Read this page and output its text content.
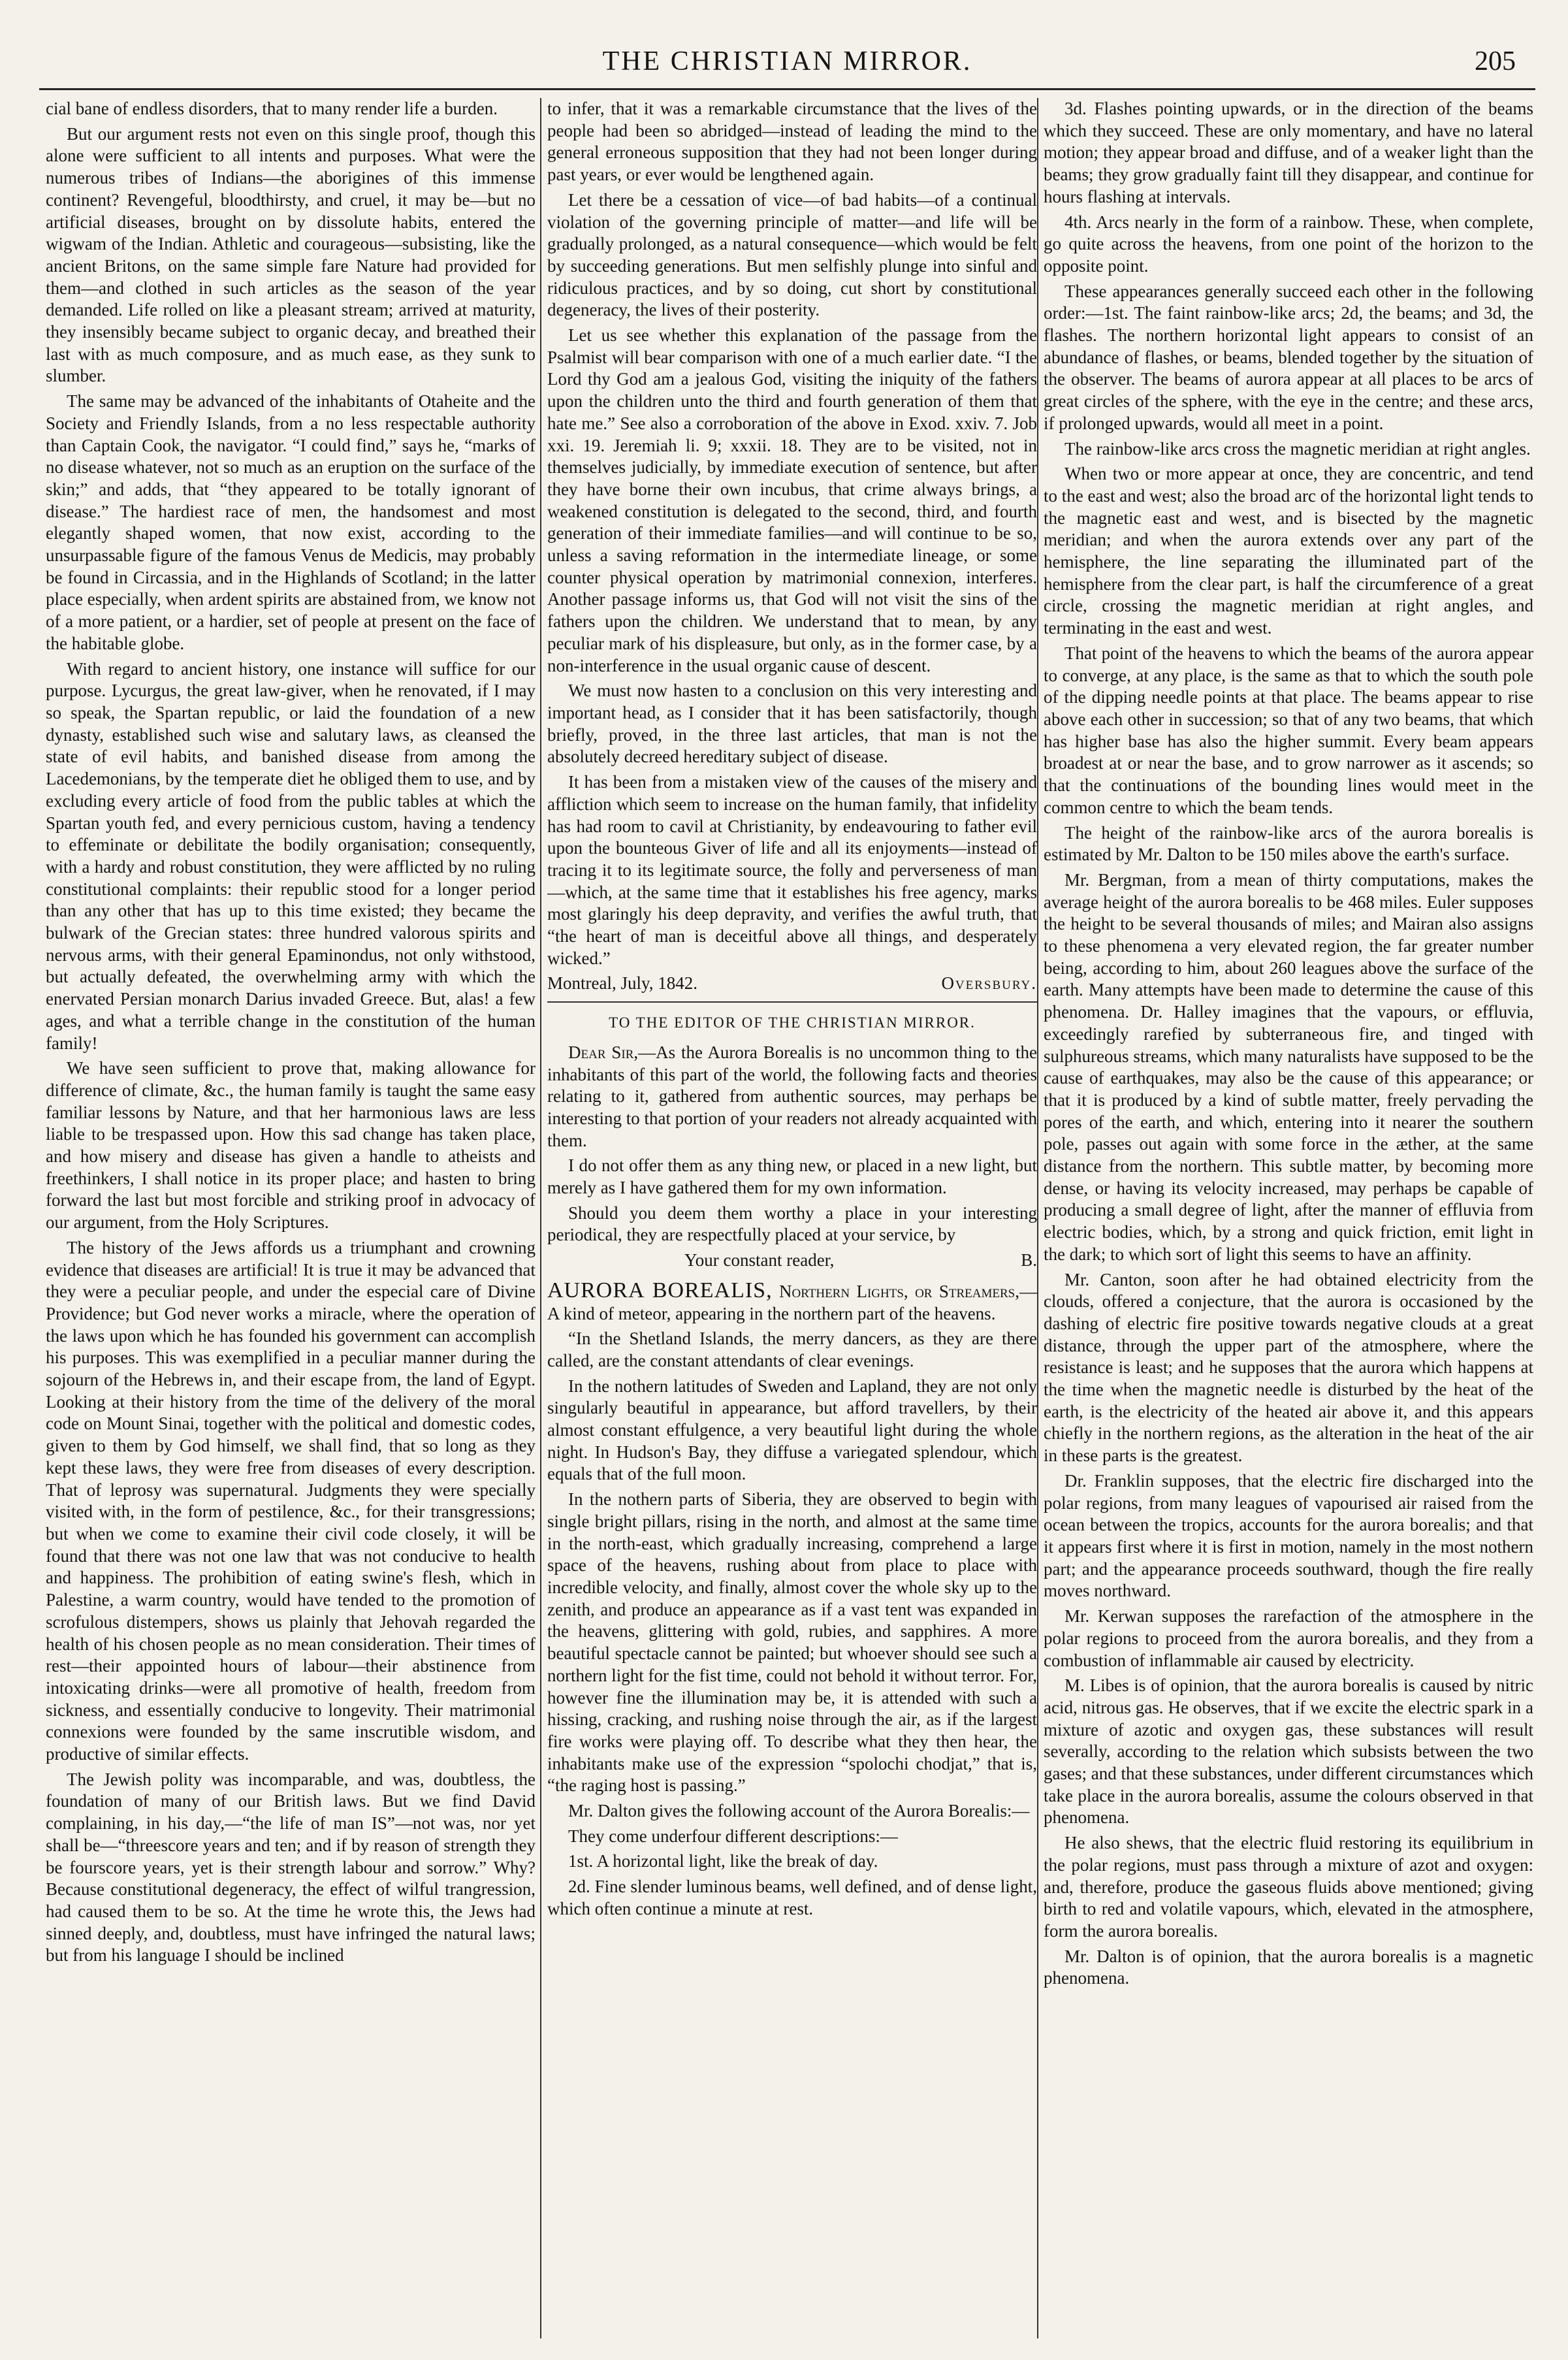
THE CHRISTIAN MIRROR.	205

cial bane of endless disorders, that to many render life a burden.

But our argument rests not even on this single proof, though this alone were sufficient to all intents and purposes. What were the numerous tribes of Indians—the aborigines of this immense continent? Revengeful, bloodthirsty, and cruel, it may be—but no artificial diseases, brought on by dissolute habits, entered the wigwam of the Indian. Athletic and courageous—subsisting, like the ancient Britons, on the same simple fare Nature had provided for them—and clothed in such articles as the season of the year demanded. Life rolled on like a pleasant stream; arrived at maturity, they insensibly became subject to organic decay, and breathed their last with as much composure, and as much ease, as they sunk to slumber.

The same may be advanced of the inhabitants of Otaheite and the Society and Friendly Islands, from a no less respectable authority than Captain Cook, the navigator. “I could find,” says he, “marks of no disease whatever, not so much as an eruption on the surface of the skin;” and adds, that “they appeared to be totally ignorant of disease.” The hardiest race of men, the handsomest and most elegantly shaped women, that now exist, according to the unsurpassable figure of the famous Venus de Medicis, may probably be found in Circassia, and in the Highlands of Scotland; in the latter place especially, when ardent spirits are abstained from, we know not of a more patient, or a hardier, set of people at present on the face of the habitable globe.

With regard to ancient history, one instance will suffice for our purpose. Lycurgus, the great law-giver, when he renovated, if I may so speak, the Spartan republic, or laid the foundation of a new dynasty, established such wise and salutary laws, as cleansed the state of evil habits, and banished disease from among the Lacedemonians, by the temperate diet he obliged them to use, and by excluding every article of food from the public tables at which the Spartan youth fed, and every pernicious custom, having a tendency to effeminate or debilitate the bodily organisation; consequently, with a hardy and robust constitution, they were afflicted by no ruling constitutional complaints: their republic stood for a longer period than any other that has up to this time existed; they became the bulwark of the Grecian states: three hundred valorous spirits and nervous arms, with their general Epaminondus, not only withstood, but actually defeated, the overwhelming army with which the enervated Persian monarch Darius invaded Greece. But, alas! a few ages, and what a terrible change in the constitution of the human family!

We have seen sufficient to prove that, making allowance for difference of climate, &c., the human family is taught the same easy familiar lessons by Nature, and that her harmonious laws are less liable to be trespassed upon. How this sad change has taken place, and how misery and disease has given a handle to atheists and freethinkers, I shall notice in its proper place; and hasten to bring forward the last but most forcible and striking proof in advocacy of our argument, from the Holy Scriptures.

The history of the Jews affords us a triumphant and crowning evidence that diseases are artificial! It is true it may be advanced that they were a peculiar people, and under the especial care of Divine Providence; but God never works a miracle, where the operation of the laws upon which he has founded his government can accomplish his purposes. This was exemplified in a peculiar manner during the sojourn of the Hebrews in, and their escape from, the land of Egypt. Looking at their history from the time of the delivery of the moral code on Mount Sinai, together with the political and domestic codes, given to them by God himself, we shall find, that so long as they kept these laws, they were free from diseases of every description. That of leprosy was supernatural. Judgments they were specially visited with, in the form of pestilence, &c., for their transgressions; but when we come to examine their civil code closely, it will be found that there was not one law that was not conducive to health and happiness. The prohibition of eating swine's flesh, which in Palestine, a warm country, would have tended to the promotion of scrofulous distempers, shows us plainly that Jehovah regarded the health of his chosen people as no mean consideration. Their times of rest—their appointed hours of labour—their abstinence from intoxicating drinks—were all promotive of health, freedom from sickness, and essentially conducive to longevity. Their matrimonial connexions were founded by the same inscrutible wisdom, and productive of similar effects.

The Jewish polity was incomparable, and was, doubtless, the foundation of many of our British laws. But we find David complaining, in his day,—“the life of man IS”—not was, nor yet shall be—“threescore years and ten; and if by reason of strength they be fourscore years, yet is their strength labour and sorrow.” Why? Because constitutional degeneracy, the effect of wilful trangression, had caused them to be so. At the time he wrote this, the Jews had sinned deeply, and, doubtless, must have infringed the natural laws; but from his language I should be inclined

to infer, that it was a remarkable circumstance that the lives of the people had been so abridged—instead of leading the mind to the general erroneous supposition that they had not been longer during past years, or ever would be lengthened again.

Let there be a cessation of vice—of bad habits—of a continual violation of the governing principle of matter—and life will be gradually prolonged, as a natural consequence—which would be felt by succeeding generations. But men selfishly plunge into sinful and ridiculous practices, and by so doing, cut short by constitutional degeneracy, the lives of their posterity.

Let us see whether this explanation of the passage from the Psalmist will bear comparison with one of a much earlier date. “I the Lord thy God am a jealous God, visiting the iniquity of the fathers upon the children unto the third and fourth generation of them that hate me.” See also a corroboration of the above in Exod. xxiv. 7. Job xxi. 19. Jeremiah li. 9; xxxii. 18. They are to be visited, not in themselves judicially, by immediate execution of sentence, but after they have borne their own incubus, that crime always brings, a weakened constitution is delegated to the second, third, and fourth generation of their immediate families—and will continue to be so, unless a saving reformation in the intermediate lineage, or some counter physical operation by matrimonial connexion, interferes. Another passage informs us, that God will not visit the sins of the fathers upon the children. We understand that to mean, by any peculiar mark of his displeasure, but only, as in the former case, by a non-interference in the usual organic cause of descent.

We must now hasten to a conclusion on this very interesting and important head, as I consider that it has been satisfactorily, though briefly, proved, in the three last articles, that man is not the absolutely decreed hereditary subject of disease.

It has been from a mistaken view of the causes of the misery and affliction which seem to increase on the human family, that infidelity has had room to cavil at Christianity, by endeavouring to father evil upon the bounteous Giver of life and all its enjoyments—instead of tracing it to its legitimate source, the folly and perverseness of man—which, at the same time that it establishes his free agency, marks most glaringly his deep depravity, and verifies the awful truth, that “the heart of man is deceitful above all things, and desperately wicked.”

Montreal, July, 1842.	Oversbury.
TO THE EDITOR OF THE CHRISTIAN MIRROR.

Dear Sir,—As the Aurora Borealis is no uncommon thing to the inhabitants of this part of the world, the following facts and theories relating to it, gathered from authentic sources, may perhaps be interesting to that portion of your readers not already acquainted with them.

I do not offer them as any thing new, or placed in a new light, but merely as I have gathered them for my own information.

Should you deem them worthy a place in your interesting periodical, they are respectfully placed at your service, by

Your constant reader,	B.

AURORA BOREALIS, Northern Lights, or Streamers,—A kind of meteor, appearing in the northern part of the heavens.

“In the Shetland Islands, the merry dancers, as they are there called, are the constant attendants of clear evenings.

In the nothern latitudes of Sweden and Lapland, they are not only singularly beautiful in appearance, but afford travellers, by their almost constant effulgence, a very beautiful light during the whole night. In Hudson's Bay, they diffuse a variegated splendour, which equals that of the full moon.

In the nothern parts of Siberia, they are observed to begin with single bright pillars, rising in the north, and almost at the same time in the north-east, which gradually increasing, comprehend a large space of the heavens, rushing about from place to place with incredible velocity, and finally, almost cover the whole sky up to the zenith, and produce an appearance as if a vast tent was expanded in the heavens, glittering with gold, rubies, and sapphires. A more beautiful spectacle cannot be painted; but whoever should see such a northern light for the fist time, could not behold it without terror. For, however fine the illumination may be, it is attended with such a hissing, cracking, and rushing noise through the air, as if the largest fire works were playing off. To describe what they then hear, the inhabitants make use of the expression “spolochi chodjat,” that is, “the raging host is passing.”

Mr. Dalton gives the following account of the Aurora Borealis:—

They come underfour different descriptions:—

1st. A horizontal light, like the break of day.

2d. Fine slender luminous beams, well defined, and of dense light, which often continue a minute at rest.

3d. Flashes pointing upwards, or in the direction of the beams which they succeed. These are only momentary, and have no lateral motion; they appear broad and diffuse, and of a weaker light than the beams; they grow gradually faint till they disappear, and continue for hours flashing at intervals.

4th. Arcs nearly in the form of a rainbow. These, when complete, go quite across the heavens, from one point of the horizon to the opposite point.

These appearances generally succeed each other in the following order:—1st. The faint rainbow-like arcs; 2d, the beams; and 3d, the flashes. The northern horizontal light appears to consist of an abundance of flashes, or beams, blended together by the situation of the observer. The beams of aurora appear at all places to be arcs of great circles of the sphere, with the eye in the centre; and these arcs, if prolonged upwards, would all meet in a point.

The rainbow-like arcs cross the magnetic meridian at right angles.

When two or more appear at once, they are concentric, and tend to the east and west; also the broad arc of the horizontal light tends to the magnetic east and west, and is bisected by the magnetic meridian; and when the aurora extends over any part of the hemisphere, the line separating the illuminated part of the hemisphere from the clear part, is half the circumference of a great circle, crossing the magnetic meridian at right angles, and terminating in the east and west.

That point of the heavens to which the beams of the aurora appear to converge, at any place, is the same as that to which the south pole of the dipping needle points at that place. The beams appear to rise above each other in succession; so that of any two beams, that which has higher base has also the higher summit. Every beam appears broadest at or near the base, and to grow narrower as it ascends; so that the continuations of the bounding lines would meet in the common centre to which the beam tends.

The height of the rainbow-like arcs of the aurora borealis is estimated by Mr. Dalton to be 150 miles above the earth's surface.

Mr. Bergman, from a mean of thirty computations, makes the average height of the aurora borealis to be 468 miles. Euler supposes the height to be several thousands of miles; and Mairan also assigns to these phenomena a very elevated region, the far greater number being, according to him, about 260 leagues above the surface of the earth. Many attempts have been made to determine the cause of this phenomena. Dr. Halley imagines that the vapours, or effluvia, exceedingly rarefied by subterraneous fire, and tinged with sulphureous streams, which many naturalists have supposed to be the cause of earthquakes, may also be the cause of this appearance; or that it is produced by a kind of subtle matter, freely pervading the pores of the earth, and which, entering into it nearer the southern pole, passes out again with some force in the æther, at the same distance from the northern. This subtle matter, by becoming more dense, or having its velocity increased, may perhaps be capable of producing a small degree of light, after the manner of effluvia from electric bodies, which, by a strong and quick friction, emit light in the dark; to which sort of light this seems to have an affinity.

Mr. Canton, soon after he had obtained electricity from the clouds, offered a conjecture, that the aurora is occasioned by the dashing of electric fire positive towards negative clouds at a great distance, through the upper part of the atmosphere, where the resistance is least; and he supposes that the aurora which happens at the time when the magnetic needle is disturbed by the heat of the earth, is the electricity of the heated air above it, and this appears chiefly in the northern regions, as the alteration in the heat of the air in these parts is the greatest.

Dr. Franklin supposes, that the electric fire discharged into the polar regions, from many leagues of vapourised air raised from the ocean between the tropics, accounts for the aurora borealis; and that it appears first where it is first in motion, namely in the most nothern part; and the appearance proceeds southward, though the fire really moves northward.

Mr. Kerwan supposes the rarefaction of the atmosphere in the polar regions to proceed from the aurora borealis, and they from a combustion of inflammable air caused by electricity.

M. Libes is of opinion, that the aurora borealis is caused by nitric acid, nitrous gas. He observes, that if we excite the electric spark in a mixture of azotic and oxygen gas, these substances will result severally, according to the relation which subsists between the two gases; and that these substances, under different circumstances which take place in the aurora borealis, assume the colours observed in that phenomena.

He also shews, that the electric fluid restoring its equilibrium in the polar regions, must pass through a mixture of azot and oxygen: and, therefore, produce the gaseous fluids above mentioned; giving birth to red and volatile vapours, which, elevated in the atmosphere, form the aurora borealis.

Mr. Dalton is of opinion, that the aurora borealis is a magnetic phenomena.
